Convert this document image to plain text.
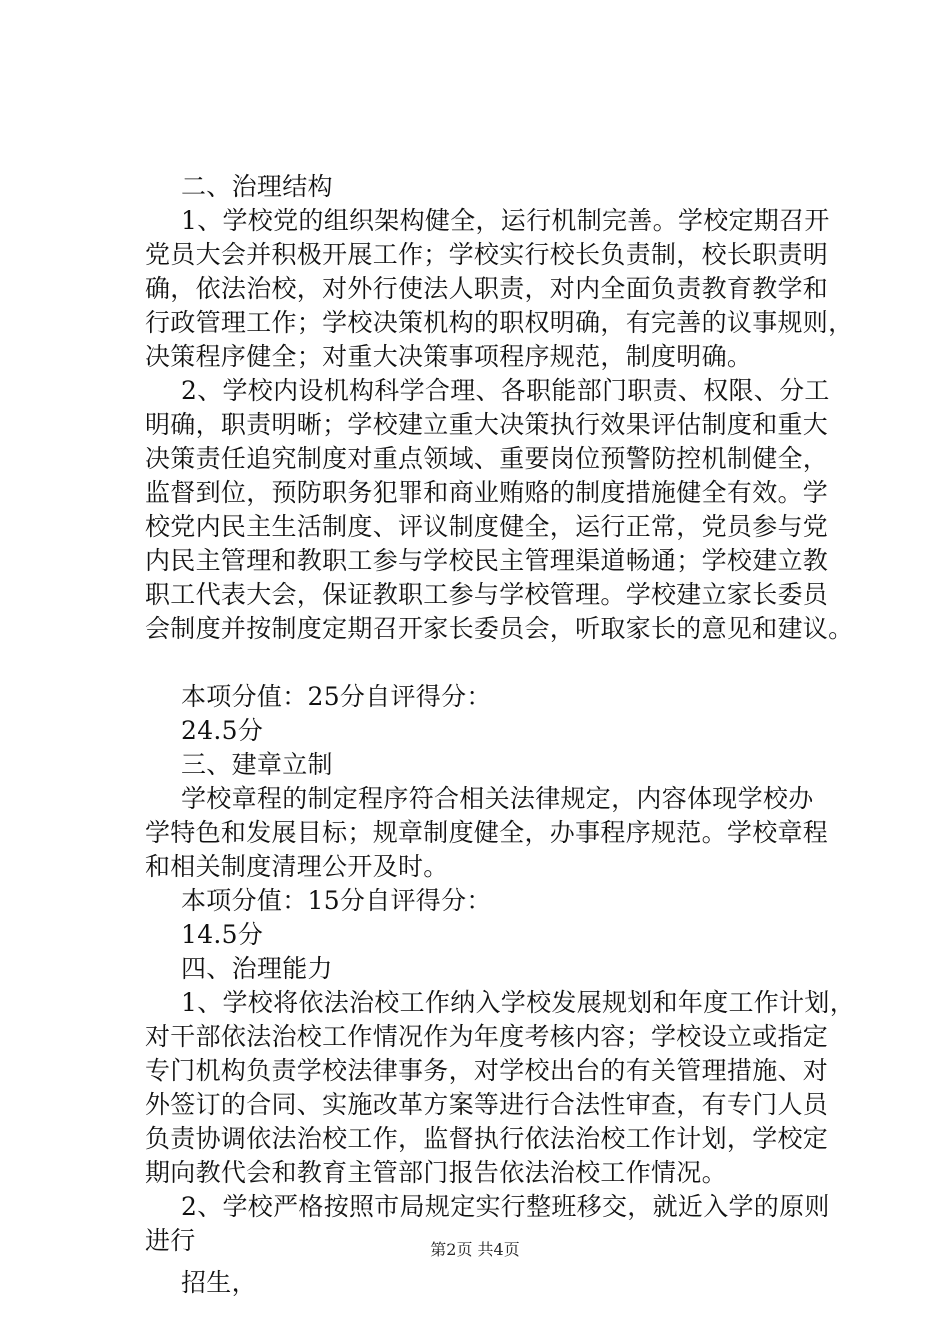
二、治理结构
1、学校党的组织架构健全，运行机制完善。学校定期召开
党员大会并积极开展工作；学校实行校长负责制，校长职责明
确，依法治校，对外行使法人职责，对内全面负责教育教学和
行政管理工作；学校决策机构的职权明确，有完善的议事规则，
决策程序健全；对重大决策事项程序规范，制度明确。
2、学校内设机构科学合理、各职能部门职责、权限、分工
明确，职责明晰；学校建立重大决策执行效果评估制度和重大
决策责任追究制度对重点领域、重要岗位预警防控机制健全，
监督到位，预防职务犯罪和商业贿赂的制度措施健全有效。学
校党内民主生活制度、评议制度健全，运行正常，党员参与党
内民主管理和教职工参与学校民主管理渠道畅通；学校建立教
职工代表大会，保证教职工参与学校管理。学校建立家长委员
会制度并按制度定期召开家长委员会，听取家长的意见和建议。
本项分值：25分自评得分：
24.5分
三、建章立制
学校章程的制定程序符合相关法律规定，内容体现学校办
学特色和发展目标；规章制度健全，办事程序规范。学校章程
和相关制度清理公开及时。
本项分值：15分自评得分：
14.5分
四、治理能力
1、学校将依法治校工作纳入学校发展规划和年度工作计划，
对干部依法治校工作情况作为年度考核内容；学校设立或指定
专门机构负责学校法律事务，对学校出台的有关管理措施、对
外签订的合同、实施改革方案等进行合法性审查，有专门人员
负责协调依法治校工作，监督执行依法治校工作计划，学校定
期向教代会和教育主管部门报告依法治校工作情况。
2、学校严格按照市局规定实行整班移交，就近入学的原则
进行
招生，
第2页 共4页
